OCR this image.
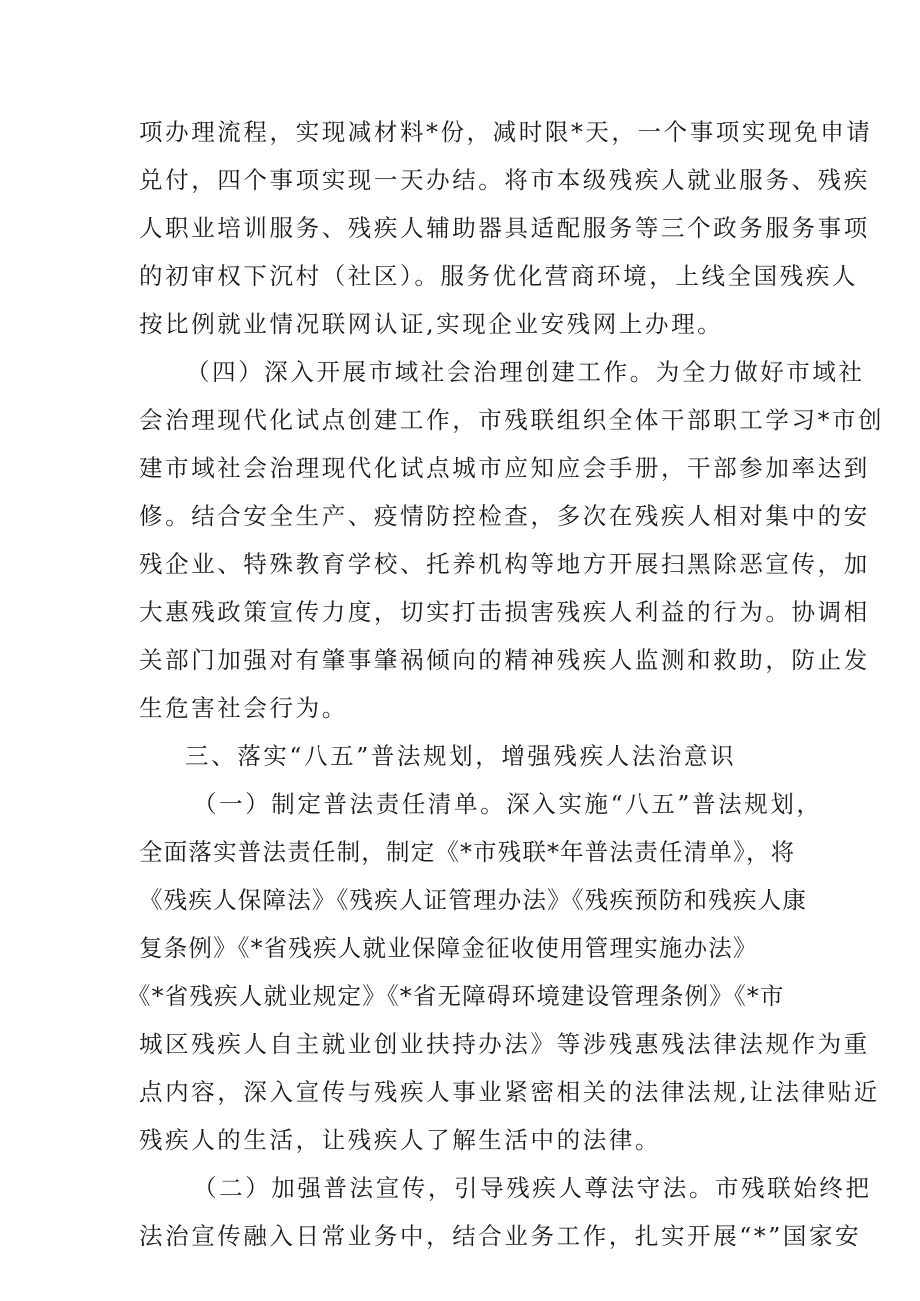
项办理流程，实现减材料*份，减时限*天，一个事项实现免申请
兑付，四个事项实现一天办结。将市本级残疾人就业服务、残疾
人职业培训服务、残疾人辅助器具适配服务等三个政务服务事项
的初审权下沉村（社区）。服务优化营商环境，上线全国残疾人
按比例就业情况联网认证,实现企业安残网上办理。
（四）深入开展市域社会治理创建工作。为全力做好市域社
会治理现代化试点创建工作，市残联组织全体干部职工学习*市创
建市域社会治理现代化试点城市应知应会手册，干部参加率达到
修。结合安全生产、疫情防控检查，多次在残疾人相对集中的安
残企业、特殊教育学校、托养机构等地方开展扫黑除恶宣传，加
大惠残政策宣传力度，切实打击损害残疾人利益的行为。协调相
关部门加强对有肇事肇祸倾向的精神残疾人监测和救助，防止发
生危害社会行为。
三、落实“八五”普法规划，增强残疾人法治意识
（一）制定普法责任清单。深入实施“八五”普法规划，
全面落实普法责任制，制定《*市残联*年普法责任清单》，将
《残疾人保障法》《残疾人证管理办法》《残疾预防和残疾人康
复条例》《*省残疾人就业保障金征收使用管理实施办法》
《*省残疾人就业规定》《*省无障碍环境建设管理条例》《*市
城区残疾人自主就业创业扶持办法》等涉残惠残法律法规作为重
点内容，深入宣传与残疾人事业紧密相关的法律法规,让法律贴近
残疾人的生活，让残疾人了解生活中的法律。
（二）加强普法宣传，引导残疾人尊法守法。市残联始终把
法治宣传融入日常业务中，结合业务工作，扎实开展“*”国家安
